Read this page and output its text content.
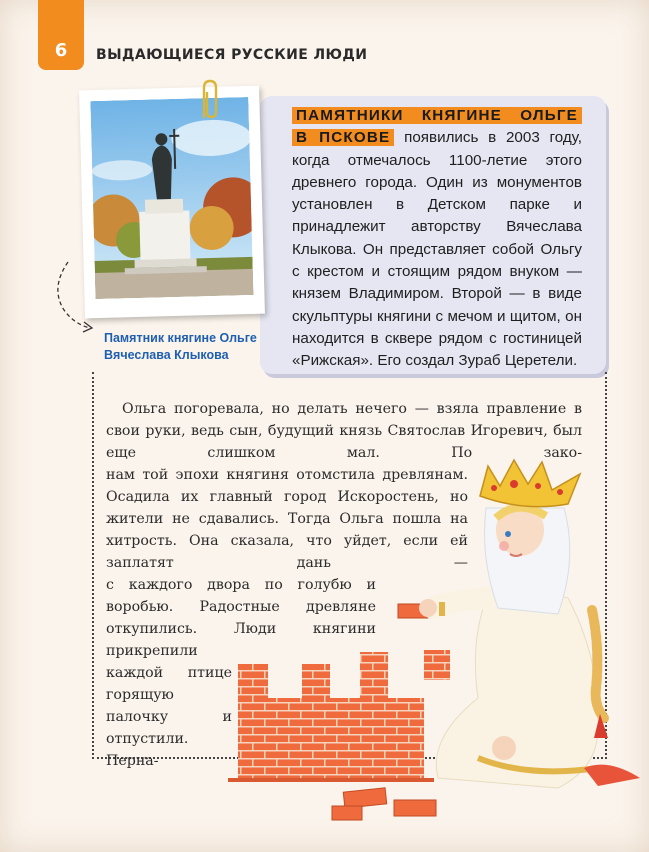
6	ВЫДАЮЩИЕСЯ РУССКИЕ ЛЮДИ
ПАМЯТНИКИ КНЯГИНЕ ОЛЬГЕ
В ПСКОВЕ появились в 2003 году, когда отмечалось 1100-летие этого древнего города. Один из монументов установлен в Детском парке и принадлежит авторству Вячеслава Клыкова. Он представляет собой Ольгу с крестом и стоящим рядом внуком — князем Владимиром. Второй — в виде скульптуры княгини с мечом и щитом, он находится в сквере рядом с гостиницей «Рижская». Его создал Зураб Церетели.
Памятник княгине Ольге
Вячеслава Клыкова
Ольга погоревала, но делать нечего — взяла правление в свои руки, ведь сын, будущий князь Святослав Игоревич, был еще слишком мал.	По зако-
нам той эпохи княгиня отомстила древлянам. Осадила их главный город Искоростень, но жители не сдавались. Тогда Ольга пошла на хитрость. Она сказала, что уйдет, если ей заплатят дань —
с каждого двора по голубю и воробью. Радостные древляне откупились. Люди княгини
прикрепили каждой птице горящую палочку и отпустили. Перна-
